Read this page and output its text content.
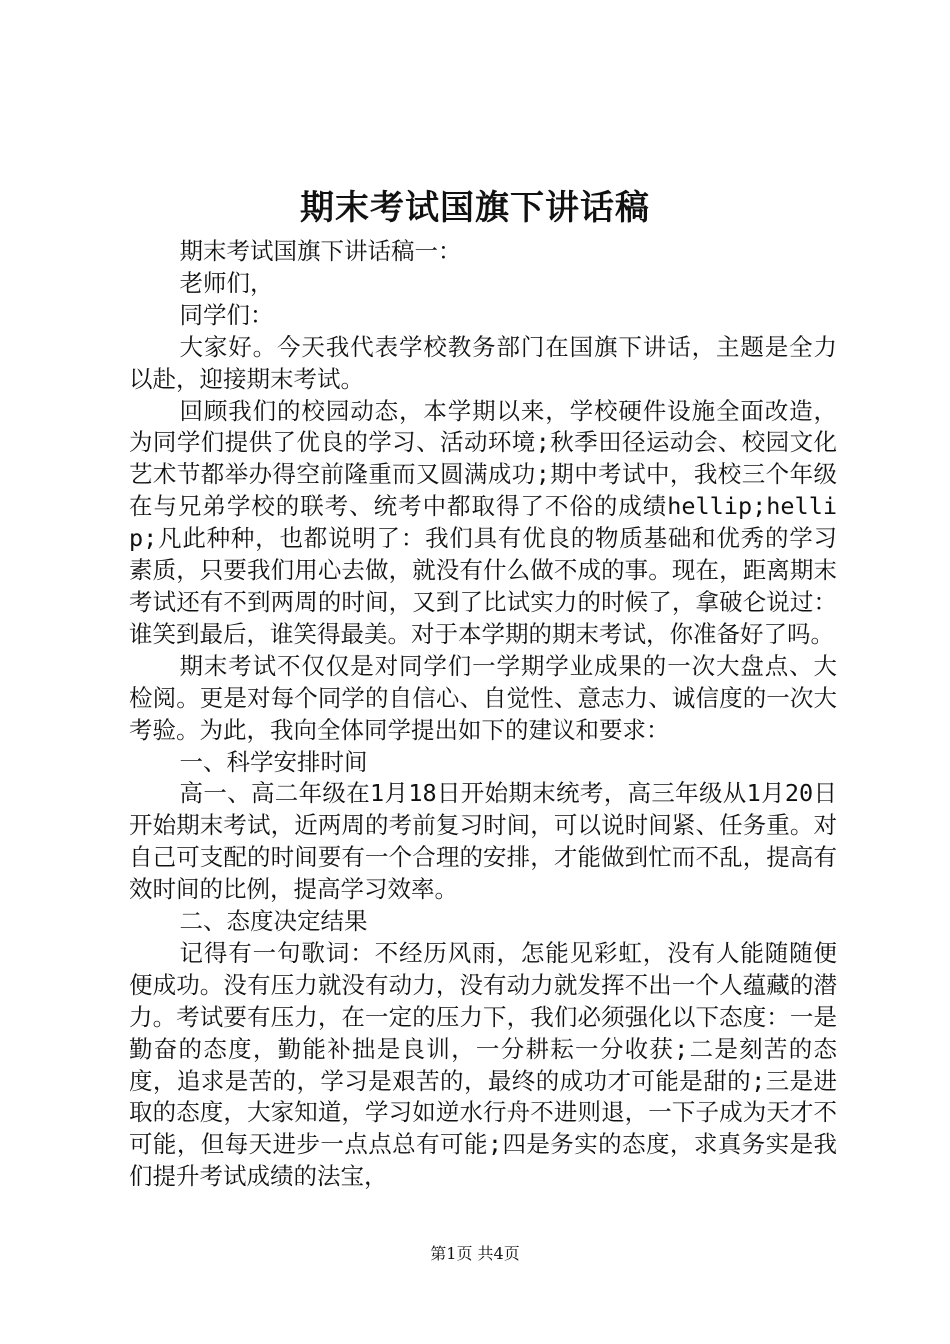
期末考试国旗下讲话稿

期末考试国旗下讲话稿一：

老师们，

同学们：

大家好。今天我代表学校教务部门在国旗下讲话，主题是全力以赴，迎接期末考试。

回顾我们的校园动态，本学期以来，学校硬件设施全面改造，为同学们提供了优良的学习、活动环境;秋季田径运动会、校园文化艺术节都举办得空前隆重而又圆满成功;期中考试中，我校三个年级在与兄弟学校的联考、统考中都取得了不俗的成绩hellip;hellip;凡此种种，也都说明了：我们具有优良的物质基础和优秀的学习素质，只要我们用心去做，就没有什么做不成的事。现在，距离期末考试还有不到两周的时间，又到了比试实力的时候了，拿破仑说过：谁笑到最后，谁笑得最美。对于本学期的期末考试，你准备好了吗。

期末考试不仅仅是对同学们一学期学业成果的一次大盘点、大检阅。更是对每个同学的自信心、自觉性、意志力、诚信度的一次大考验。为此，我向全体同学提出如下的建议和要求：

一、科学安排时间

高一、高二年级在1月18日开始期末统考，高三年级从1月20日开始期末考试，近两周的考前复习时间，可以说时间紧、任务重。对自己可支配的时间要有一个合理的安排，才能做到忙而不乱，提高有效时间的比例，提高学习效率。

二、态度决定结果

记得有一句歌词：不经历风雨，怎能见彩虹，没有人能随随便便成功。没有压力就没有动力，没有动力就发挥不出一个人蕴藏的潜力。考试要有压力，在一定的压力下，我们必须强化以下态度：一是勤奋的态度，勤能补拙是良训，一分耕耘一分收获;二是刻苦的态度，追求是苦的，学习是艰苦的，最终的成功才可能是甜的;三是进取的态度，大家知道，学习如逆水行舟不进则退，一下子成为天才不可能，但每天进步一点点总有可能;四是务实的态度，求真务实是我们提升考试成绩的法宝，

第1页 共4页
